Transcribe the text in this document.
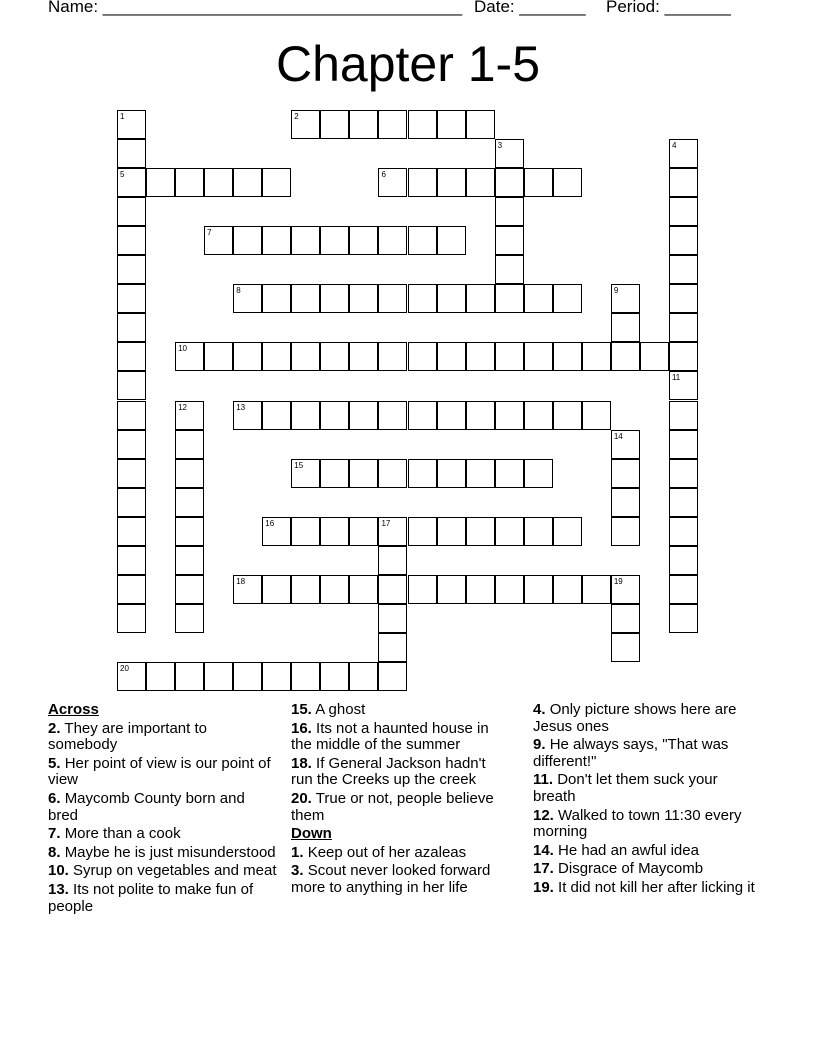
Name: ______________________________________ Date: _______ Period: _______
Chapter 1-5
1
5
2
3	4
6
7
8	9
10
11
12	13
14
15
16	17
18	19
20
Across
2. They are important to somebody
5. Her point of view is our point of view
6. Maycomb County born and bred
7. More than a cook
8. Maybe he is just misunderstood
10. Syrup on vegetables and meat
13. Its not polite to make fun of people
15. A ghost
16. Its not a haunted house in the middle of the summer
18. If General Jackson hadn't run the Creeks up the creek
20. True or not, people believe them
Down
1. Keep out of her azaleas
3. Scout never looked forward more to anything in her life
4. Only picture shows here are Jesus ones
9. He always says, "That was different!"
11. Don't let them suck your breath
12. Walked to town 11:30 every morning
14. He had an awful idea
17. Disgrace of Maycomb
19. It did not kill her after licking it
